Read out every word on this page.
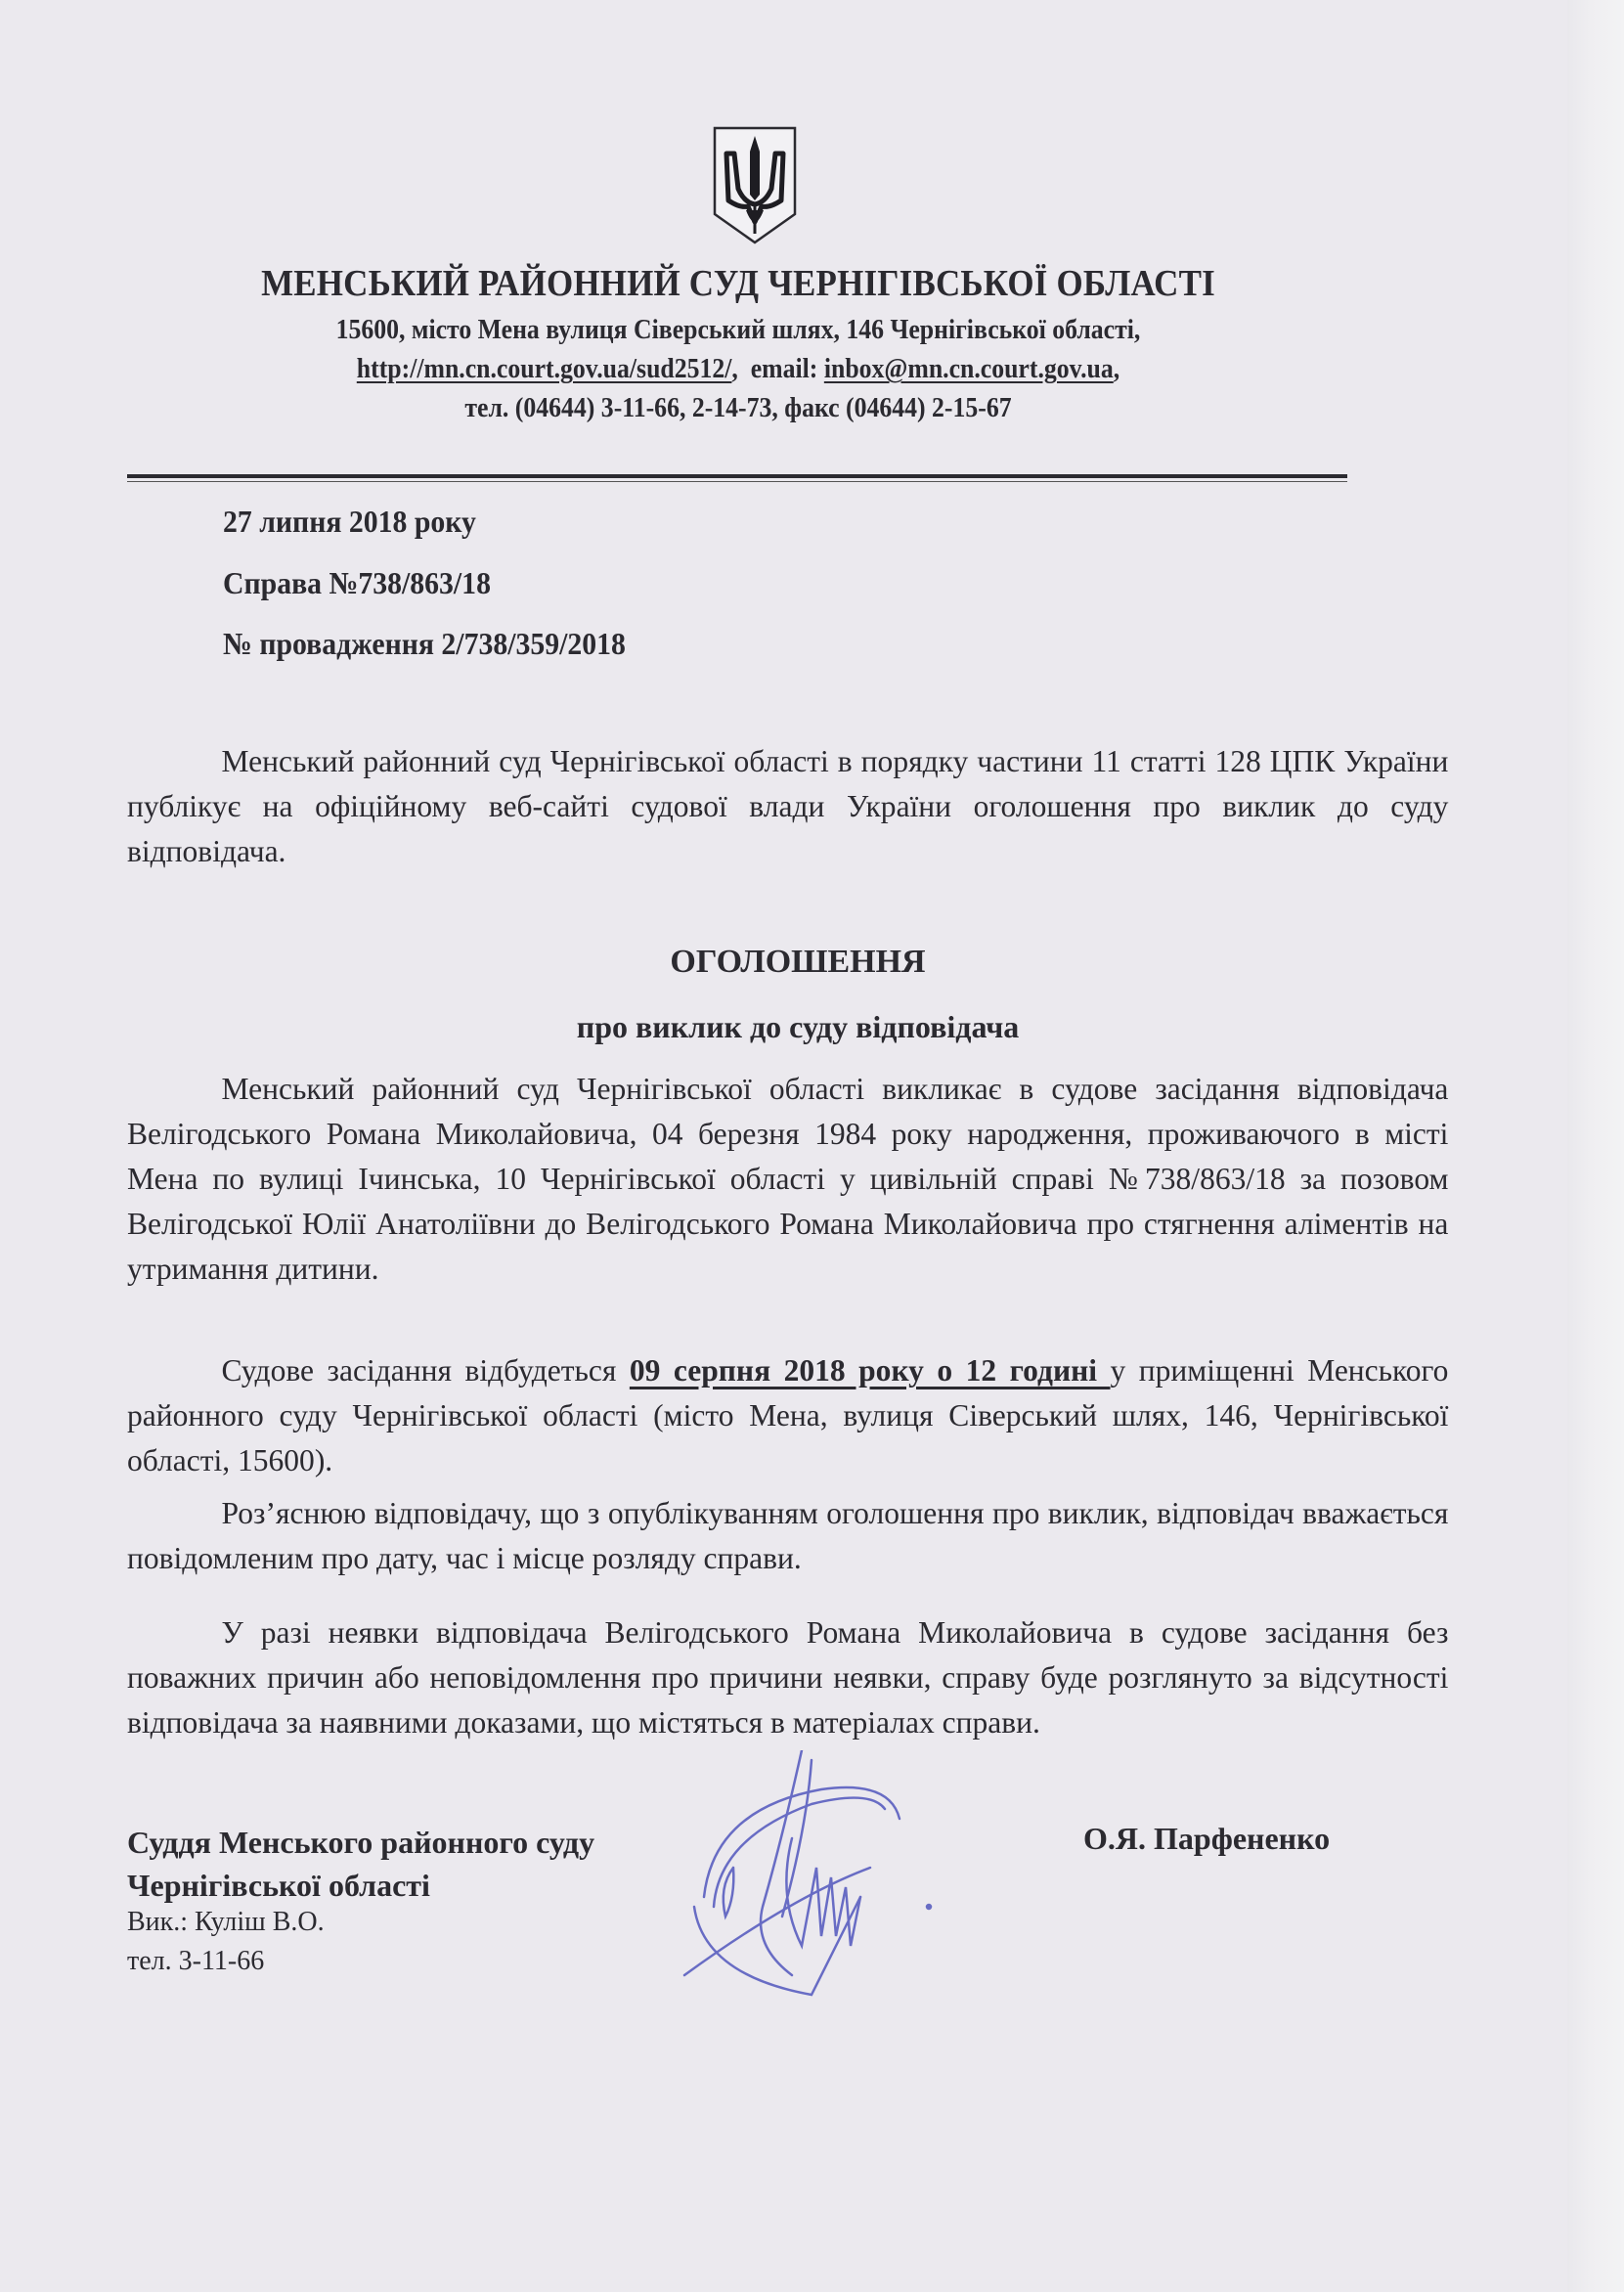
МЕНСЬКИЙ РАЙОННИЙ СУД ЧЕРНІГІВСЬКОЇ ОБЛАСТІ
15600, місто Мена вулиця Сіверський шлях, 146 Чернігівської області,
http://mn.cn.court.gov.ua/sud2512/,  email: inbox@mn.cn.court.gov.ua,
тел. (04644) 3-11-66, 2-14-73, факс (04644) 2-15-67
27 липня 2018 року
Справа №738/863/18
№ провадження 2/738/359/2018
Менський районний суд Чернігівської області в порядку частини 11 статті 128 ЦПК України публікує на офіційному веб-сайті судової влади України оголошення про виклик до суду відповідача.
ОГОЛОШЕННЯ
про виклик до суду відповідача
Менський районний суд Чернігівської області викликає в судове засідання відповідача Велігодського Романа Миколайовича, 04 березня 1984 року народження, проживаючого в місті Мена по вулиці Ічинська, 10 Чернігівської області у цивільній справі №738/863/18 за позовом Велігодської Юлії Анатоліївни до Велігодського Романа Миколайовича про стягнення аліментів на утримання дитини.
Судове засідання відбудеться 09 серпня 2018 року о 12 годині у приміщенні Менського районного суду Чернігівської області (місто Мена, вулиця Сіверський шлях, 146, Чернігівської області, 15600).
Роз’яснюю відповідачу, що з опублікуванням оголошення про виклик, відповідач вважається повідомленим про дату, час і місце розляду справи.
У разі неявки відповідача Велігодського Романа Миколайовича в судове засідання без поважних причин або неповідомлення про причини неявки, справу буде розглянуто за відсутності відповідача за наявними доказами, що містяться в матеріалах справи.
Суддя Менського районного суду
Чернігівської області
Вик.: Куліш В.О.
тел. 3-11-66
О.Я. Парфененко
